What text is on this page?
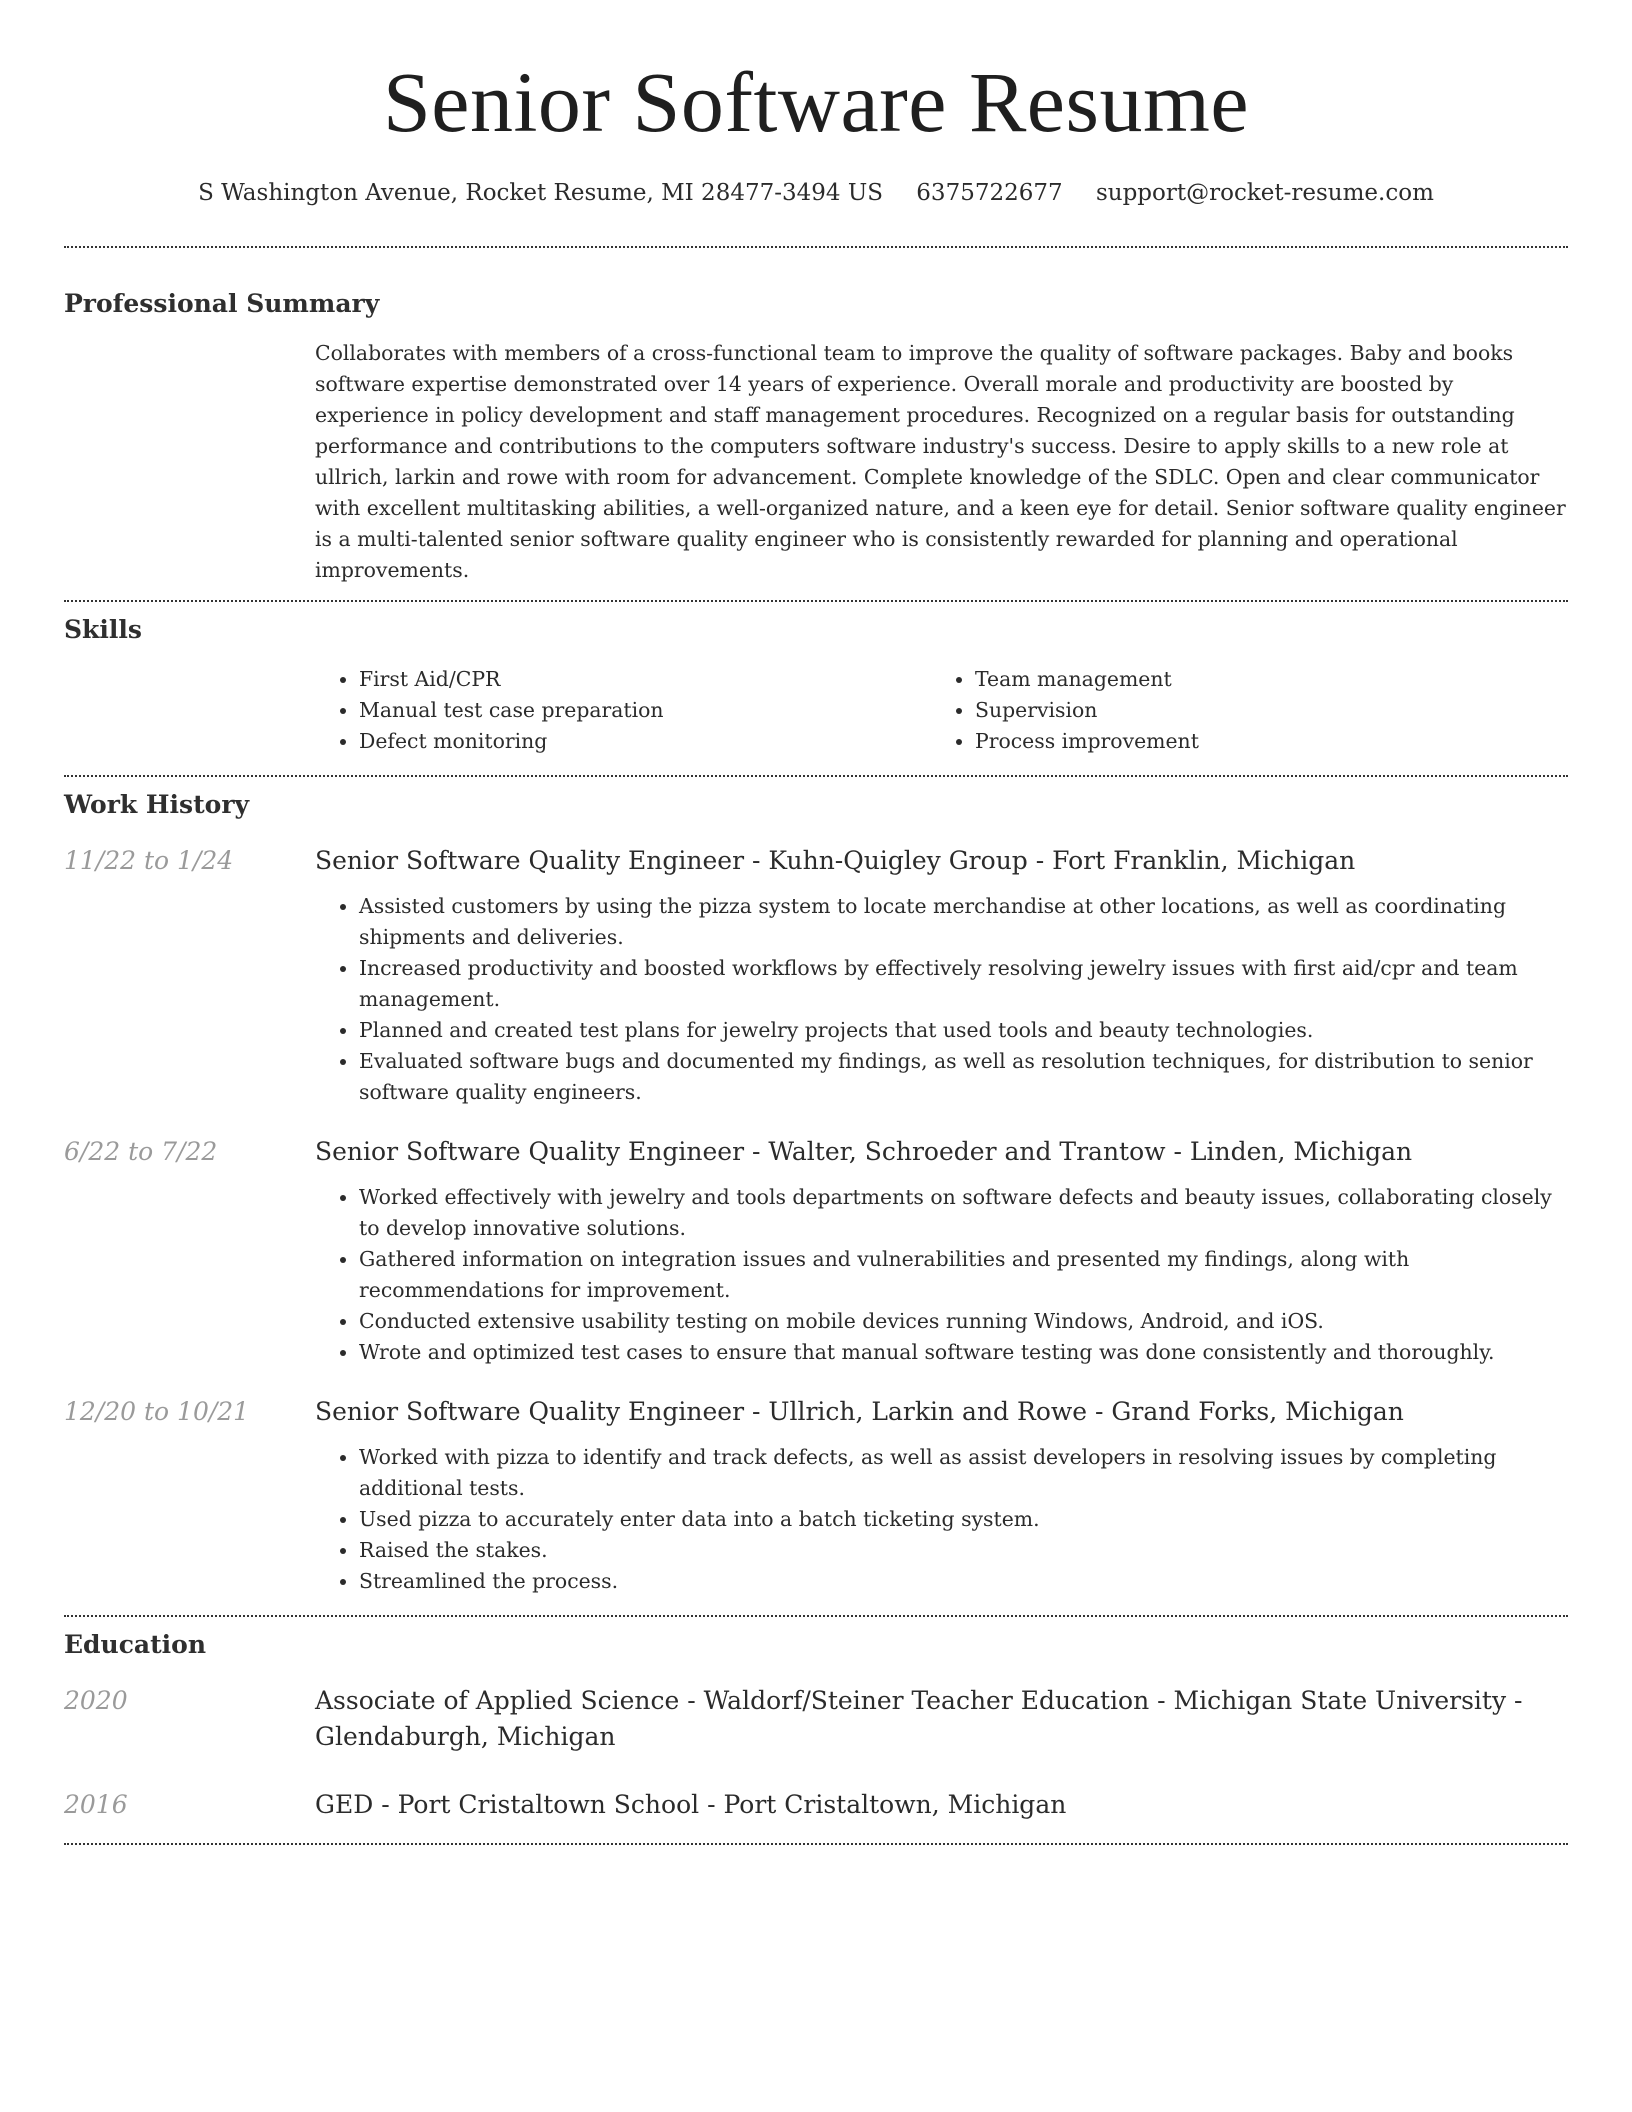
Senior Software Resume
S Washington Avenue, Rocket Resume, MI 28477-3494 US 6375722677 support@rocket-resume.com
Professional Summary
Collaborates with members of a cross-functional team to improve the quality of software packages. Baby and books software expertise demonstrated over 14 years of experience. Overall morale and productivity are boosted by experience in policy development and staff management procedures. Recognized on a regular basis for outstanding performance and contributions to the computers software industry's success. Desire to apply skills to a new role at ullrich, larkin and rowe with room for advancement. Complete knowledge of the SDLC. Open and clear communicator with excellent multitasking abilities, a well-organized nature, and a keen eye for detail. Senior software quality engineer is a multi-talented senior software quality engineer who is consistently rewarded for planning and operational improvements.
Skills
• First Aid/CPR
• Manual test case preparation
• Defect monitoring
• Team management
• Supervision
• Process improvement
Work History
11/22 to 1/24	Senior Software Quality Engineer - Kuhn-Quigley Group - Fort Franklin, Michigan
• Assisted customers by using the pizza system to locate merchandise at other locations, as well as coordinating shipments and deliveries.
• Increased productivity and boosted workflows by effectively resolving jewelry issues with first aid/cpr and team management.
• Planned and created test plans for jewelry projects that used tools and beauty technologies.
• Evaluated software bugs and documented my findings, as well as resolution techniques, for distribution to senior software quality engineers.
6/22 to 7/22	Senior Software Quality Engineer - Walter, Schroeder and Trantow - Linden, Michigan
• Worked effectively with jewelry and tools departments on software defects and beauty issues, collaborating closely to develop innovative solutions.
• Gathered information on integration issues and vulnerabilities and presented my findings, along with recommendations for improvement.
• Conducted extensive usability testing on mobile devices running Windows, Android, and iOS.
• Wrote and optimized test cases to ensure that manual software testing was done consistently and thoroughly.
12/20 to 10/21	Senior Software Quality Engineer - Ullrich, Larkin and Rowe - Grand Forks, Michigan
• Worked with pizza to identify and track defects, as well as assist developers in resolving issues by completing additional tests.
• Used pizza to accurately enter data into a batch ticketing system.
• Raised the stakes.
• Streamlined the process.
Education
2020	Associate of Applied Science - Waldorf/Steiner Teacher Education - Michigan State University - Glendaburgh, Michigan
2016	GED - Port Cristaltown School - Port Cristaltown, Michigan
